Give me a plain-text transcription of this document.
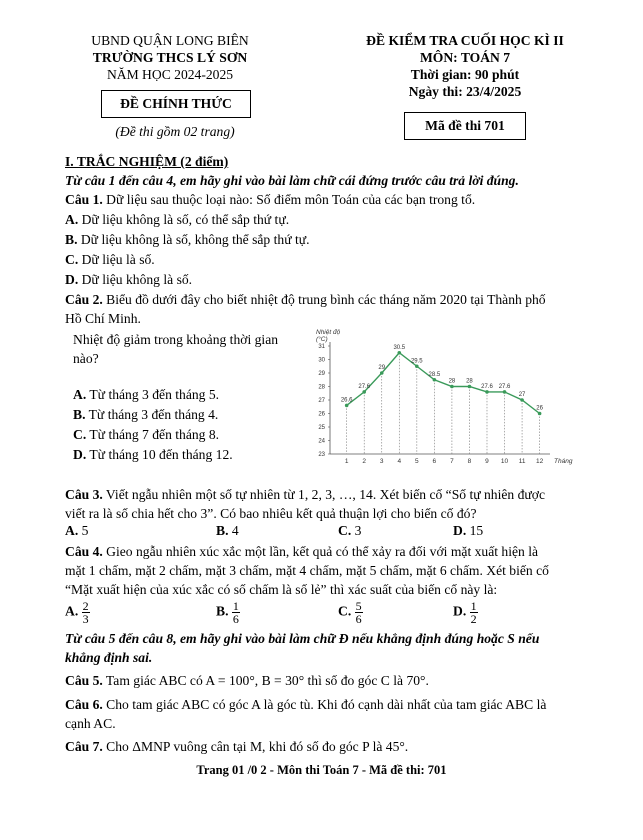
UBND QUẬN LONG BIÊN
TRƯỜNG THCS LÝ SƠN
NĂM HỌC 2024-2025
ĐỀ CHÍNH THỨC
(Đề thi gồm 02 trang)
ĐỀ KIỂM TRA CUỐI HỌC KÌ II
MÔN: TOÁN 7
Thời gian: 90 phút
Ngày thi: 23/4/2025
Mã đề thi 701
I. TRẮC NGHIỆM (2 điểm)
Từ câu 1 đến câu 4, em hãy ghi vào bài làm chữ cái đứng trước câu trả lời đúng.
Câu 1. Dữ liệu sau thuộc loại nào: Số điểm môn Toán của các bạn trong tổ.
A. Dữ liệu không là số, có thể sắp thứ tự.
B. Dữ liệu không là số, không thể sắp thứ tự.
C. Dữ liệu là số.
D. Dữ liệu không là số.
Câu 2. Biểu đồ dưới đây cho biết nhiệt độ trung bình các tháng năm 2020 tại Thành phố
Hồ Chí Minh.
Nhiệt độ giảm trong khoảng thời gian
nào?
A. Từ tháng 3 đến tháng 5.
B. Từ tháng 3 đến tháng 4.
C. Từ tháng 7 đến tháng 8.
D. Từ tháng 10 đến tháng 12.
Nhiệt độ (°C)
23
24
25
26
27
28
29
30
31
1 2 3 4 5 6 7 8 9 10 11 12
26.6
27.6
29
30.5
29.5
28.5
28 28
27.6 27.6
27
26
Tháng
Câu 3. Viết ngẫu nhiên một số tự nhiên từ 1, 2, 3, …, 14. Xét biến cố “Số tự nhiên được
viết ra là số chia hết cho 3”. Có bao nhiêu kết quả thuận lợi cho biến cố đó?
A. 5	B. 4	C. 3	D. 15
Câu 4. Gieo ngẫu nhiên xúc xắc một lần, kết quả có thể xảy ra đối với mặt xuất hiện là
mặt 1 chấm, mặt 2 chấm, mặt 3 chấm, mặt 4 chấm, mặt 5 chấm, mặt 6 chấm. Xét biến cố
“Mặt xuất hiện của xúc xắc có số chấm là số lẻ” thì xác suất của biến cố này là:
A. $\frac{2}{3}$	B. $\frac{1}{6}$	C. $\frac{5}{6}$	D. $\frac{1}{2}$
Từ câu 5 đến câu 8, em hãy ghi vào bài làm chữ Đ nếu khẳng định đúng hoặc S nếu
khẳng định sai.
Câu 5. Tam giác ABC có A = 100°, B = 30° thì số đo góc C là 70°.
Câu 6. Cho tam giác ABC có góc A là góc tù. Khi đó cạnh dài nhất của tam giác ABC là
cạnh AC.
Câu 7. Cho ΔMNP vuông cân tại M, khi đó số đo góc P là 45°.
Trang 01 /0 2 - Môn thi Toán 7 - Mã đề thi: 701
